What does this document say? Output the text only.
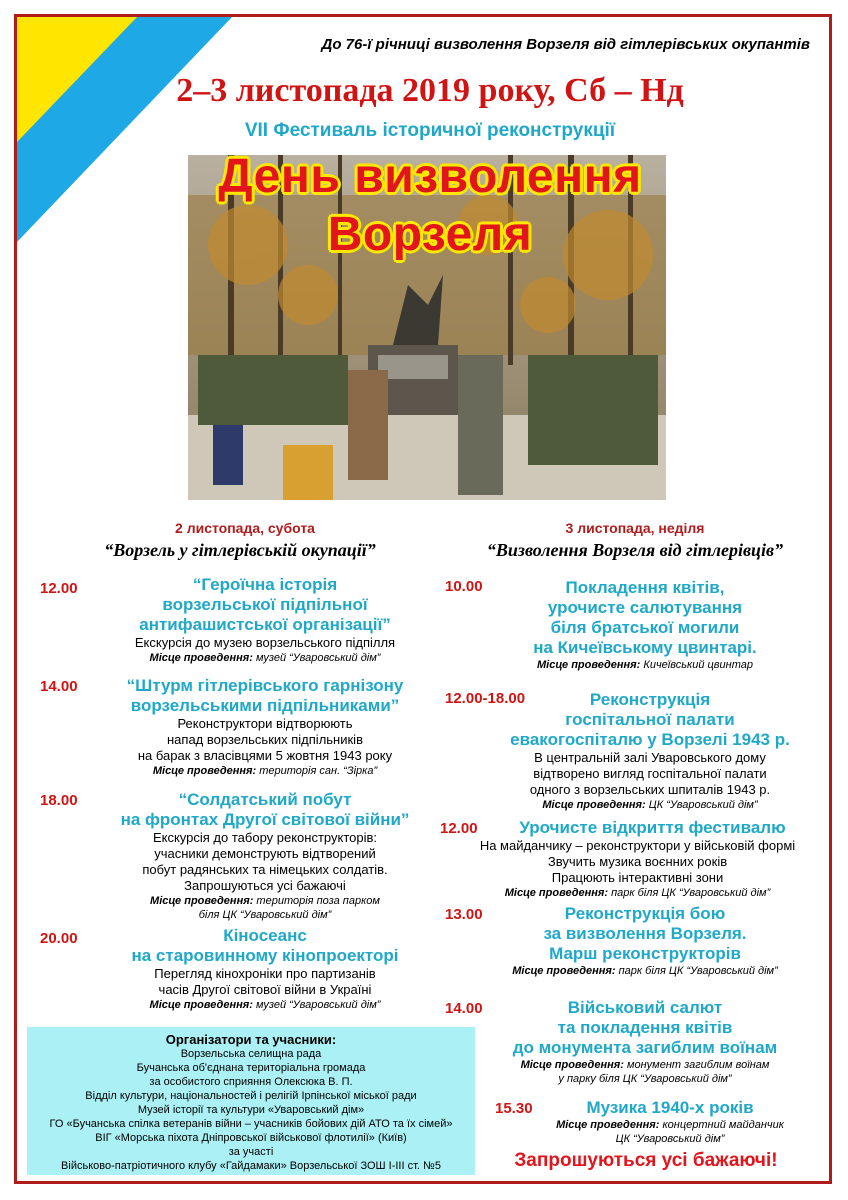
До 76-ї річниці визволення Ворзеля від гітлерівських окупантів
2–3 листопада 2019 року, Сб – Нд
VII Фестиваль історичної реконструкції
День визволення
Ворзеля
2 листопада, субота
“Ворзель у гітлерівській окупації”
12.00	“Героїчна історія
ворзельської підпільної
антифашистської організації”
Екскурсія до музею ворзельського підпілля
Місце проведення: музей “Уваровський дім”
14.00	“Штурм гітлерівського гарнізону
ворзельськими підпільниками”
Реконструктори відтворюють
напад ворзельських підпільників
на барак з власівцями 5 жовтня 1943 року
Місце проведення: територія сан. “Зірка”
18.00	“Солдатський побут
на фронтах Другої світової війни”
Екскурсія до табору реконструкторів:
учасники демонструють відтворений
побут радянських та німецьких солдатів.
Запрошуються усі бажаючі
Місце проведення: територія поза парком
біля ЦК “Уваровський дім”
20.00	Кіносеанс
на старовинному кінопроекторі
Перегляд кінохроніки про партизанів
часів Другої світової війни в Україні
Місце проведення: музей “Уваровський дім”
3 листопада, неділя
“Визволення Ворзеля від гітлерівців”
10.00	Покладення квітів,
урочисте салютування
біля братської могили
на Кичеївському цвинтарі.
Місце проведення: Кичеївський цвинтар
12.00-18.00	Реконструкція
госпітальної палати
евакогоспіталю у Ворзелі 1943 р.
В центральній залі Уваровського дому
відтворено вигляд госпітальної палати
одного з ворзельських шпиталів 1943 р.
Місце проведення: ЦК “Уваровський дім”
12.00	Урочисте відкриття фестивалю
На майданчику – реконструктори у військовій формі
Звучить музика воєнних років
Працюють інтерактивні зони
Місце проведення: парк біля ЦК “Уваровський дім”
13.00	Реконструкція бою
за визволення Ворзеля.
Марш реконструкторів
Місце проведення: парк біля ЦК “Уваровський дім”
14.00	Військовий салют
та покладення квітів
до монумента загиблим воїнам
Місце проведення: монумент загиблим воїнам
у парку біля ЦК “Уваровський дім”
15.30	Музика 1940-х років
Місце проведення: концертний майданчик
ЦК “Уваровський дім”
Організатори та учасники:
Ворзельська селищна рада
Бучанська об'єднана територіальна громада
за особистого сприяння Олексюка В. П.
Відділ культури, національностей і релігій Ірпінської міської ради
Музей історії та культури «Уваровський дім»
ГО «Бучанська спілка ветеранів війни – учасників бойових дій АТО та їх сімей»
ВІГ «Морська піхота Дніпровської військової флотилії» (Київ)
за участі
Військово-патріотичного клубу «Гайдамаки» Ворзельської ЗОШ І-ІІІ ст. №5	Запрошуються усі бажаючі!
